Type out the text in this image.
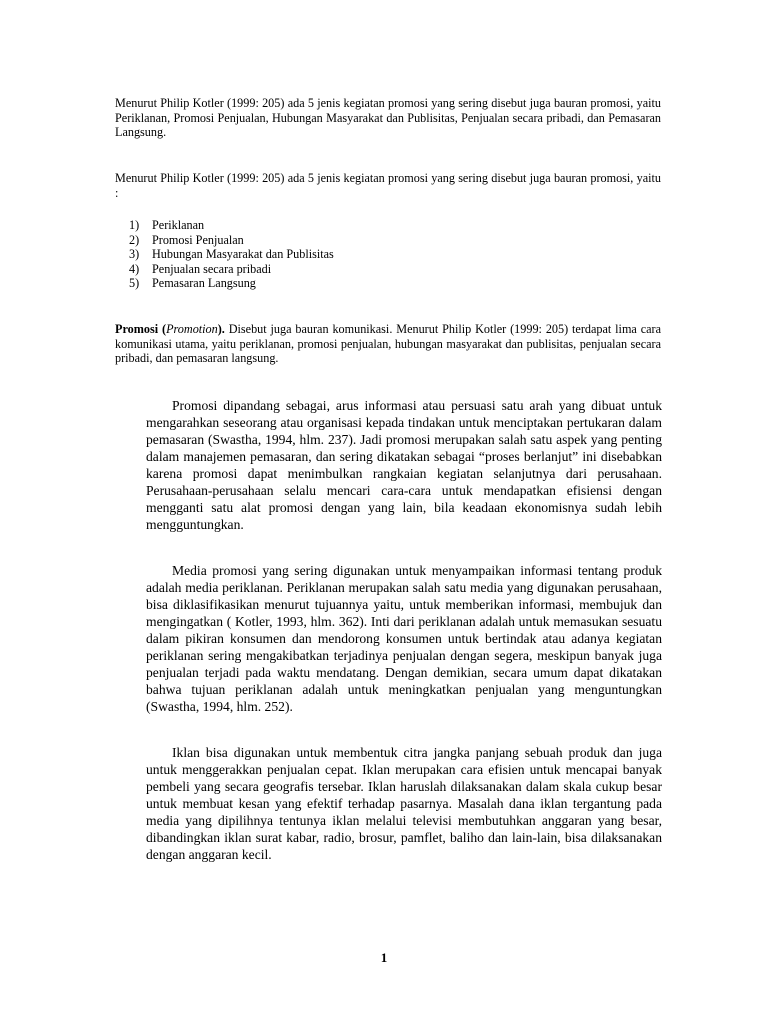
Menurut Philip Kotler (1999: 205) ada 5 jenis kegiatan promosi yang sering disebut juga bauran promosi, yaitu Periklanan, Promosi Penjualan, Hubungan Masyarakat dan Publisitas, Penjualan secara pribadi, dan Pemasaran Langsung.

Menurut Philip Kotler (1999: 205) ada 5 jenis kegiatan promosi yang sering disebut juga bauran promosi, yaitu :

1)	Periklanan
2)	Promosi Penjualan
3)	Hubungan Masyarakat dan Publisitas
4)	Penjualan secara pribadi
5)	Pemasaran Langsung

Promosi (Promotion). Disebut juga bauran komunikasi. Menurut Philip Kotler (1999: 205) terdapat lima cara komunikasi utama, yaitu periklanan, promosi penjualan, hubungan masyarakat dan publisitas, penjualan secara pribadi, dan pemasaran langsung.

Promosi dipandang sebagai, arus informasi atau persuasi satu arah yang dibuat untuk mengarahkan seseorang atau organisasi kepada tindakan untuk menciptakan pertukaran dalam pemasaran (Swastha, 1994, hlm. 237). Jadi promosi merupakan salah satu aspek yang penting dalam manajemen pemasaran, dan sering dikatakan sebagai “proses berlanjut” ini disebabkan karena promosi dapat menimbulkan rangkaian kegiatan selanjutnya dari perusahaan. Perusahaan-perusahaan selalu mencari cara-cara untuk mendapatkan efisiensi dengan mengganti satu alat promosi dengan yang lain, bila keadaan ekonomisnya sudah lebih mengguntungkan.

Media promosi yang sering digunakan untuk menyampaikan informasi tentang produk adalah media periklanan. Periklanan merupakan salah satu media yang digunakan perusahaan, bisa diklasifikasikan menurut tujuannya yaitu, untuk memberikan informasi, membujuk dan mengingatkan ( Kotler, 1993, hlm. 362). Inti dari periklanan adalah untuk memasukan sesuatu dalam pikiran konsumen dan mendorong konsumen untuk bertindak atau adanya kegiatan periklanan sering mengakibatkan terjadinya penjualan dengan segera, meskipun banyak juga penjualan terjadi pada waktu mendatang. Dengan demikian, secara umum dapat dikatakan bahwa tujuan periklanan adalah untuk meningkatkan penjualan yang menguntungkan (Swastha, 1994, hlm. 252).

Iklan bisa digunakan untuk membentuk citra jangka panjang sebuah produk dan juga untuk menggerakkan penjualan cepat. Iklan merupakan cara efisien untuk mencapai banyak pembeli yang secara geografis tersebar. Iklan haruslah dilaksanakan dalam skala cukup besar untuk membuat kesan yang efektif terhadap pasarnya. Masalah dana iklan tergantung pada media yang dipilihnya tentunya iklan melalui televisi membutuhkan anggaran yang besar, dibandingkan iklan surat kabar, radio, brosur, pamflet, baliho dan lain-lain, bisa dilaksanakan dengan anggaran kecil.

1
